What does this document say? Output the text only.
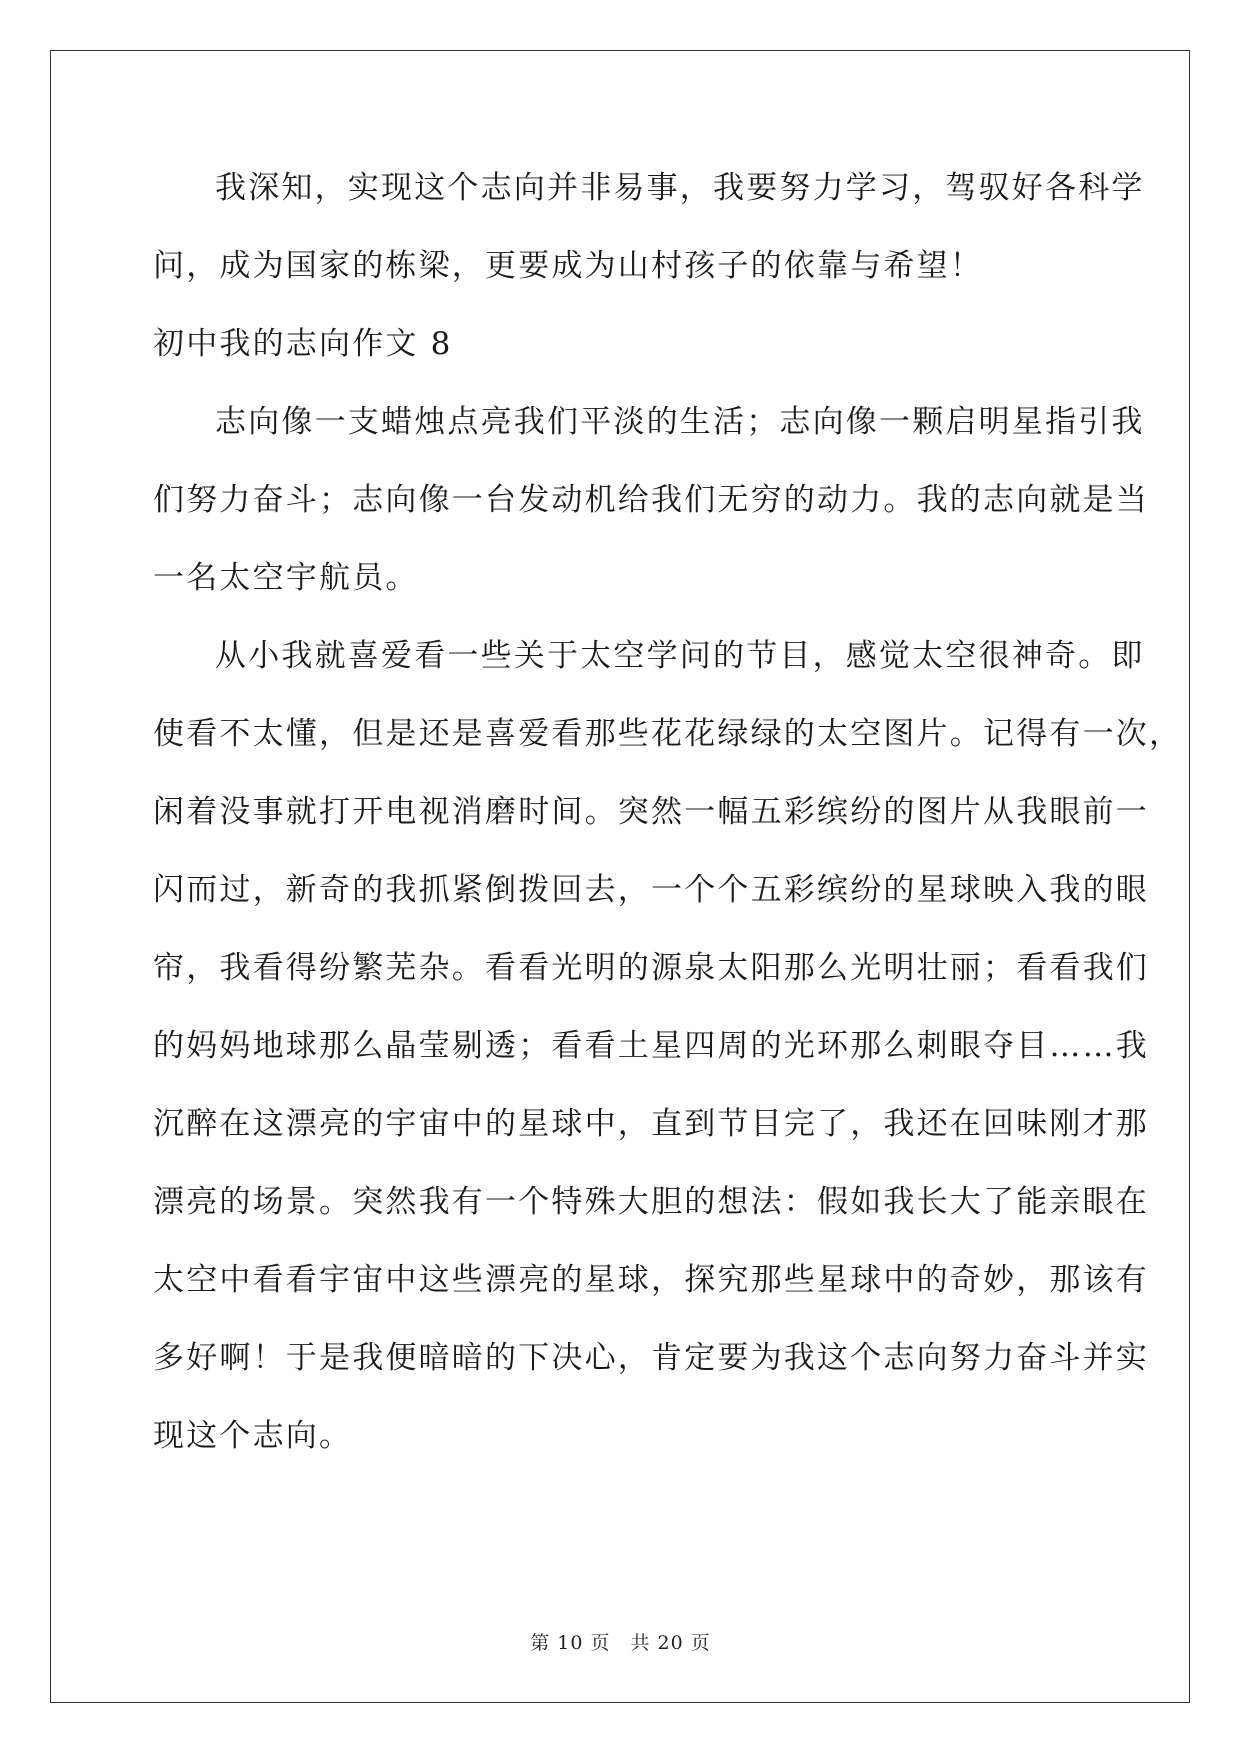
我深知，实现这个志向并非易事，我要努力学习，驾驭好各科学
问，成为国家的栋梁，更要成为山村孩子的依靠与希望！
初中我的志向作文 8
志向像一支蜡烛点亮我们平淡的生活；志向像一颗启明星指引我
们努力奋斗；志向像一台发动机给我们无穷的动力。我的志向就是当
一名太空宇航员。
从小我就喜爱看一些关于太空学问的节目，感觉太空很神奇。即
使看不太懂，但是还是喜爱看那些花花绿绿的太空图片。记得有一次，
闲着没事就打开电视消磨时间。突然一幅五彩缤纷的图片从我眼前一
闪而过，新奇的我抓紧倒拨回去，一个个五彩缤纷的星球映入我的眼
帘，我看得纷繁芜杂。看看光明的源泉太阳那么光明壮丽；看看我们
的妈妈地球那么晶莹剔透；看看土星四周的光环那么刺眼夺目……我
沉醉在这漂亮的宇宙中的星球中，直到节目完了，我还在回味刚才那
漂亮的场景。突然我有一个特殊大胆的想法：假如我长大了能亲眼在
太空中看看宇宙中这些漂亮的星球，探究那些星球中的奇妙，那该有
多好啊！于是我便暗暗的下决心，肯定要为我这个志向努力奋斗并实
现这个志向。
第 10 页　共 20 页
